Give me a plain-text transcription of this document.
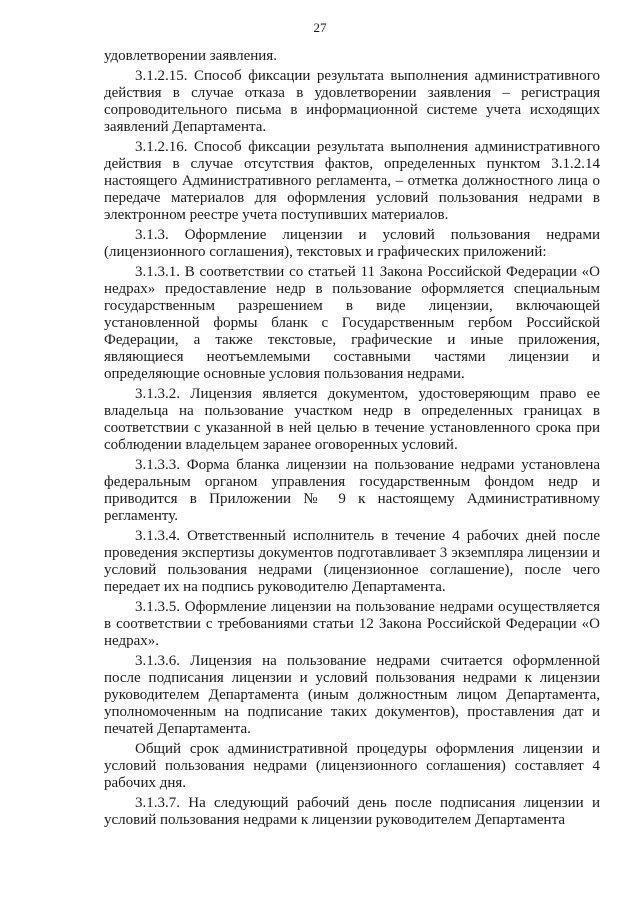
27

удовлетворении заявления.

3.1.2.15. Способ фиксации результата выполнения административного действия в случае отказа в удовлетворении заявления – регистрация сопроводительного письма в информационной системе учета исходящих заявлений Департамента.

3.1.2.16. Способ фиксации результата выполнения административного действия в случае отсутствия фактов, определенных пунктом 3.1.2.14 настоящего Административного регламента, – отметка должностного лица о передаче материалов для оформления условий пользования недрами в электронном реестре учета поступивших материалов.

3.1.3. Оформление лицензии и условий пользования недрами (лицензионного соглашения), текстовых и графических приложений:

3.1.3.1. В соответствии со статьей 11 Закона Российской Федерации «О недрах» предоставление недр в пользование оформляется специальным государственным разрешением в виде лицензии, включающей установленной формы бланк с Государственным гербом Российской Федерации, а также текстовые, графические и иные приложения, являющиеся неотъемлемыми составными частями лицензии и определяющие основные условия пользования недрами.

3.1.3.2. Лицензия является документом, удостоверяющим право ее владельца на пользование участком недр в определенных границах в соответствии с указанной в ней целью в течение установленного срока при соблюдении владельцем заранее оговоренных условий.

3.1.3.3. Форма бланка лицензии на пользование недрами установлена федеральным органом управления государственным фондом недр и приводится в Приложении № 9 к настоящему Административному регламенту.

3.1.3.4. Ответственный исполнитель в течение 4 рабочих дней после проведения экспертизы документов подготавливает 3 экземпляра лицензии и условий пользования недрами (лицензионное соглашение), после чего передает их на подпись руководителю Департамента.

3.1.3.5. Оформление лицензии на пользование недрами осуществляется в соответствии с требованиями статьи 12 Закона Российской Федерации «О недрах».

3.1.3.6. Лицензия на пользование недрами считается оформленной после подписания лицензии и условий пользования недрами к лицензии руководителем Департамента (иным должностным лицом Департамента, уполномоченным на подписание таких документов), проставления дат и печатей Департамента.

Общий срок административной процедуры оформления лицензии и условий пользования недрами (лицензионного соглашения) составляет 4 рабочих дня.

3.1.3.7. На следующий рабочий день после подписания лицензии и условий пользования недрами к лицензии руководителем Департамента
